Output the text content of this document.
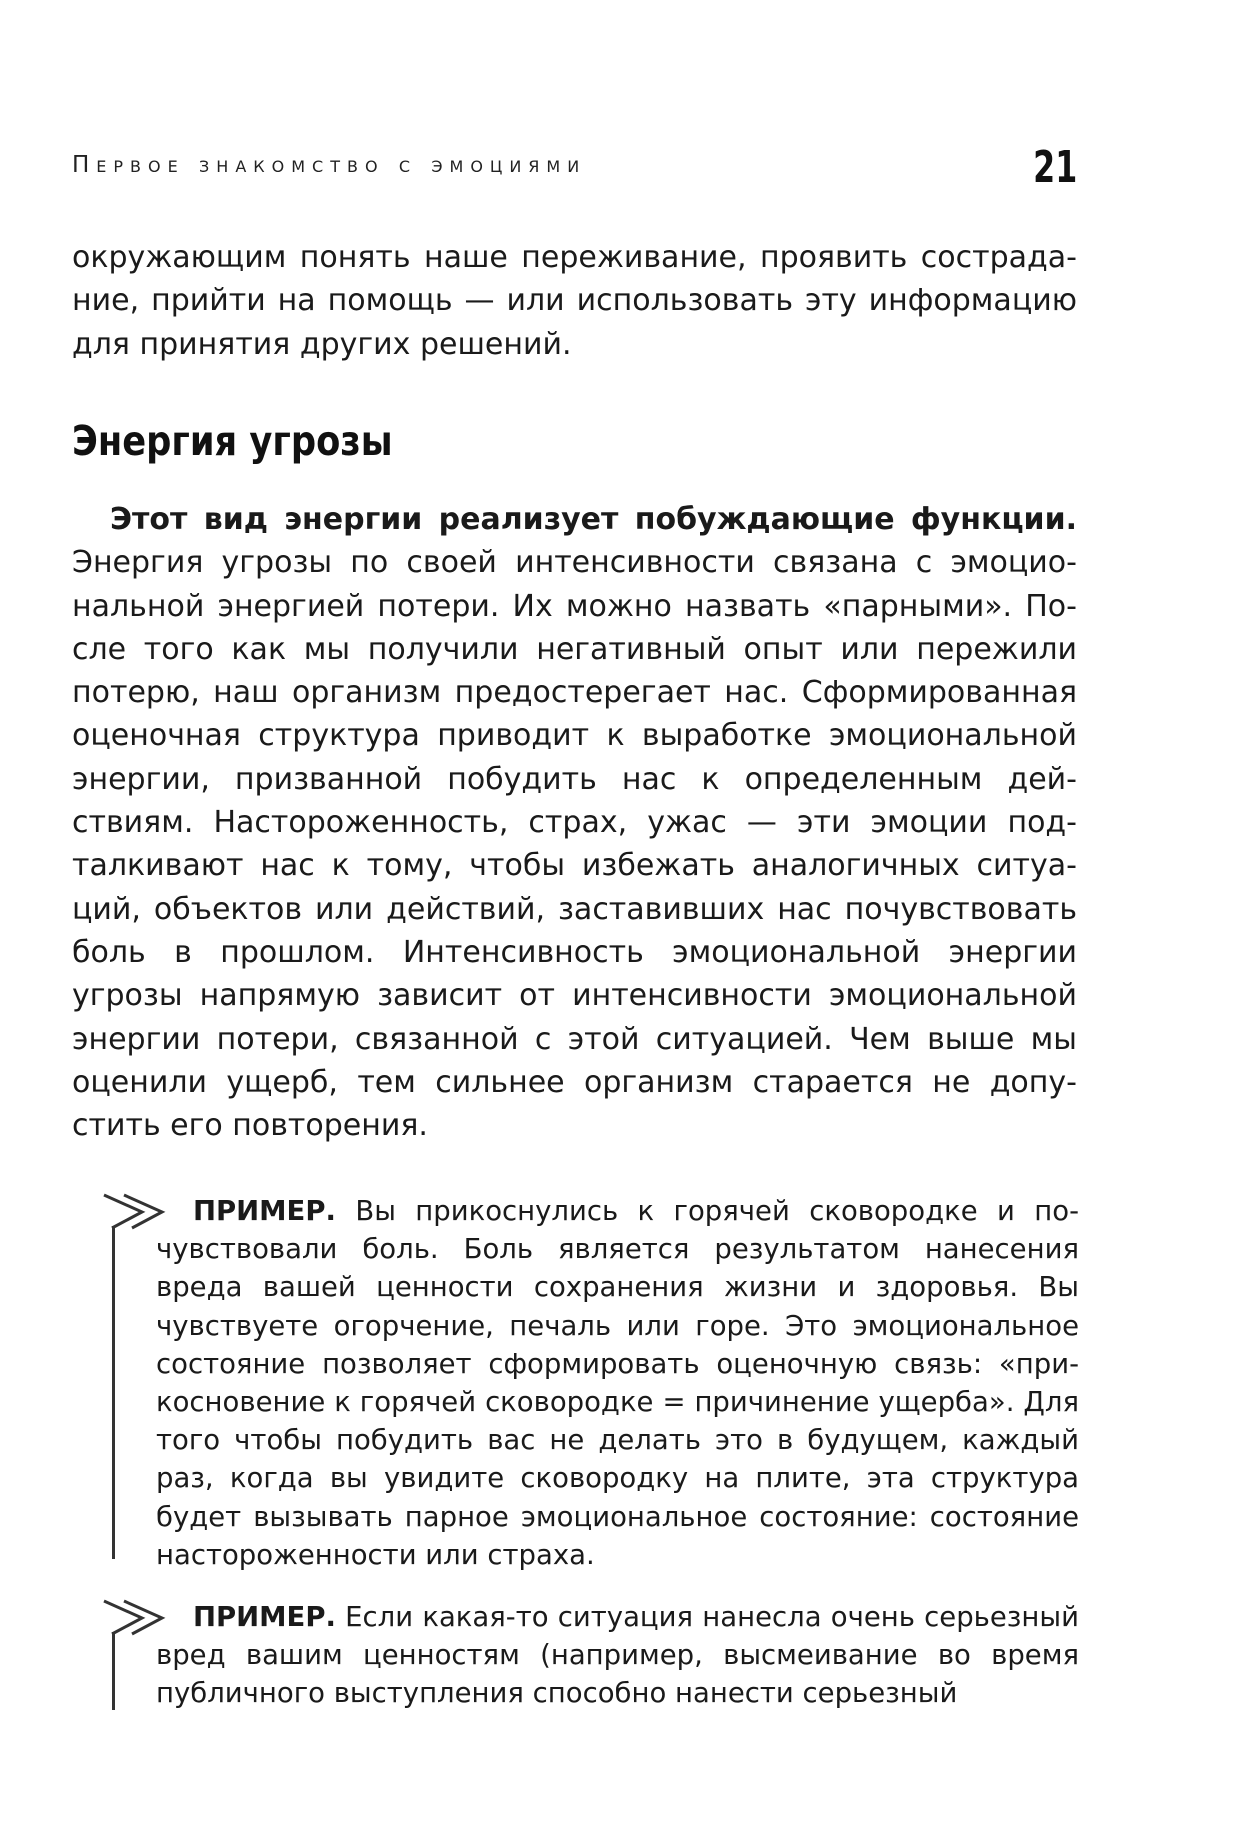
Первое знакомство с эмоциями	21

окружающим понять наше переживание, проявить сострадание, прийти на помощь — или использовать эту информацию для принятия других решений.

Энергия угрозы

Этот вид энергии реализует побуждающие функции. Энергия угрозы по своей интенсивности связана с эмоциональной энергией потери. Их можно назвать «парными». После того как мы получили негативный опыт или пережили потерю, наш организм предостерегает нас. Сформированная оценочная структура приводит к выработке эмоциональной энергии, призванной побудить нас к определенным действиям. Настороженность, страх, ужас — эти эмоции подталкивают нас к тому, чтобы избежать аналогичных ситуаций, объектов или действий, заставивших нас почувствовать боль в прошлом. Интенсивность эмоциональной энергии угрозы напрямую зависит от интенсивности эмоциональной энергии потери, связанной с этой ситуацией. Чем выше мы оценили ущерб, тем сильнее организм старается не допустить его повторения.

ПРИМЕР. Вы прикоснулись к горячей сковородке и почувствовали боль. Боль является результатом нанесения вреда вашей ценности сохранения жизни и здоровья. Вы чувствуете огорчение, печаль или горе. Это эмоциональное состояние позволяет сформировать оценочную связь: «прикосновение к горячей сковородке = причинение ущерба». Для того чтобы побудить вас не делать это в будущем, каждый раз, когда вы увидите сковородку на плите, эта структура будет вызывать парное эмоциональное состояние: состояние настороженности или страха.

ПРИМЕР. Если какая-то ситуация нанесла очень серьезный вред вашим ценностям (например, высмеивание во время публичного выступления способно нанести серьезный
